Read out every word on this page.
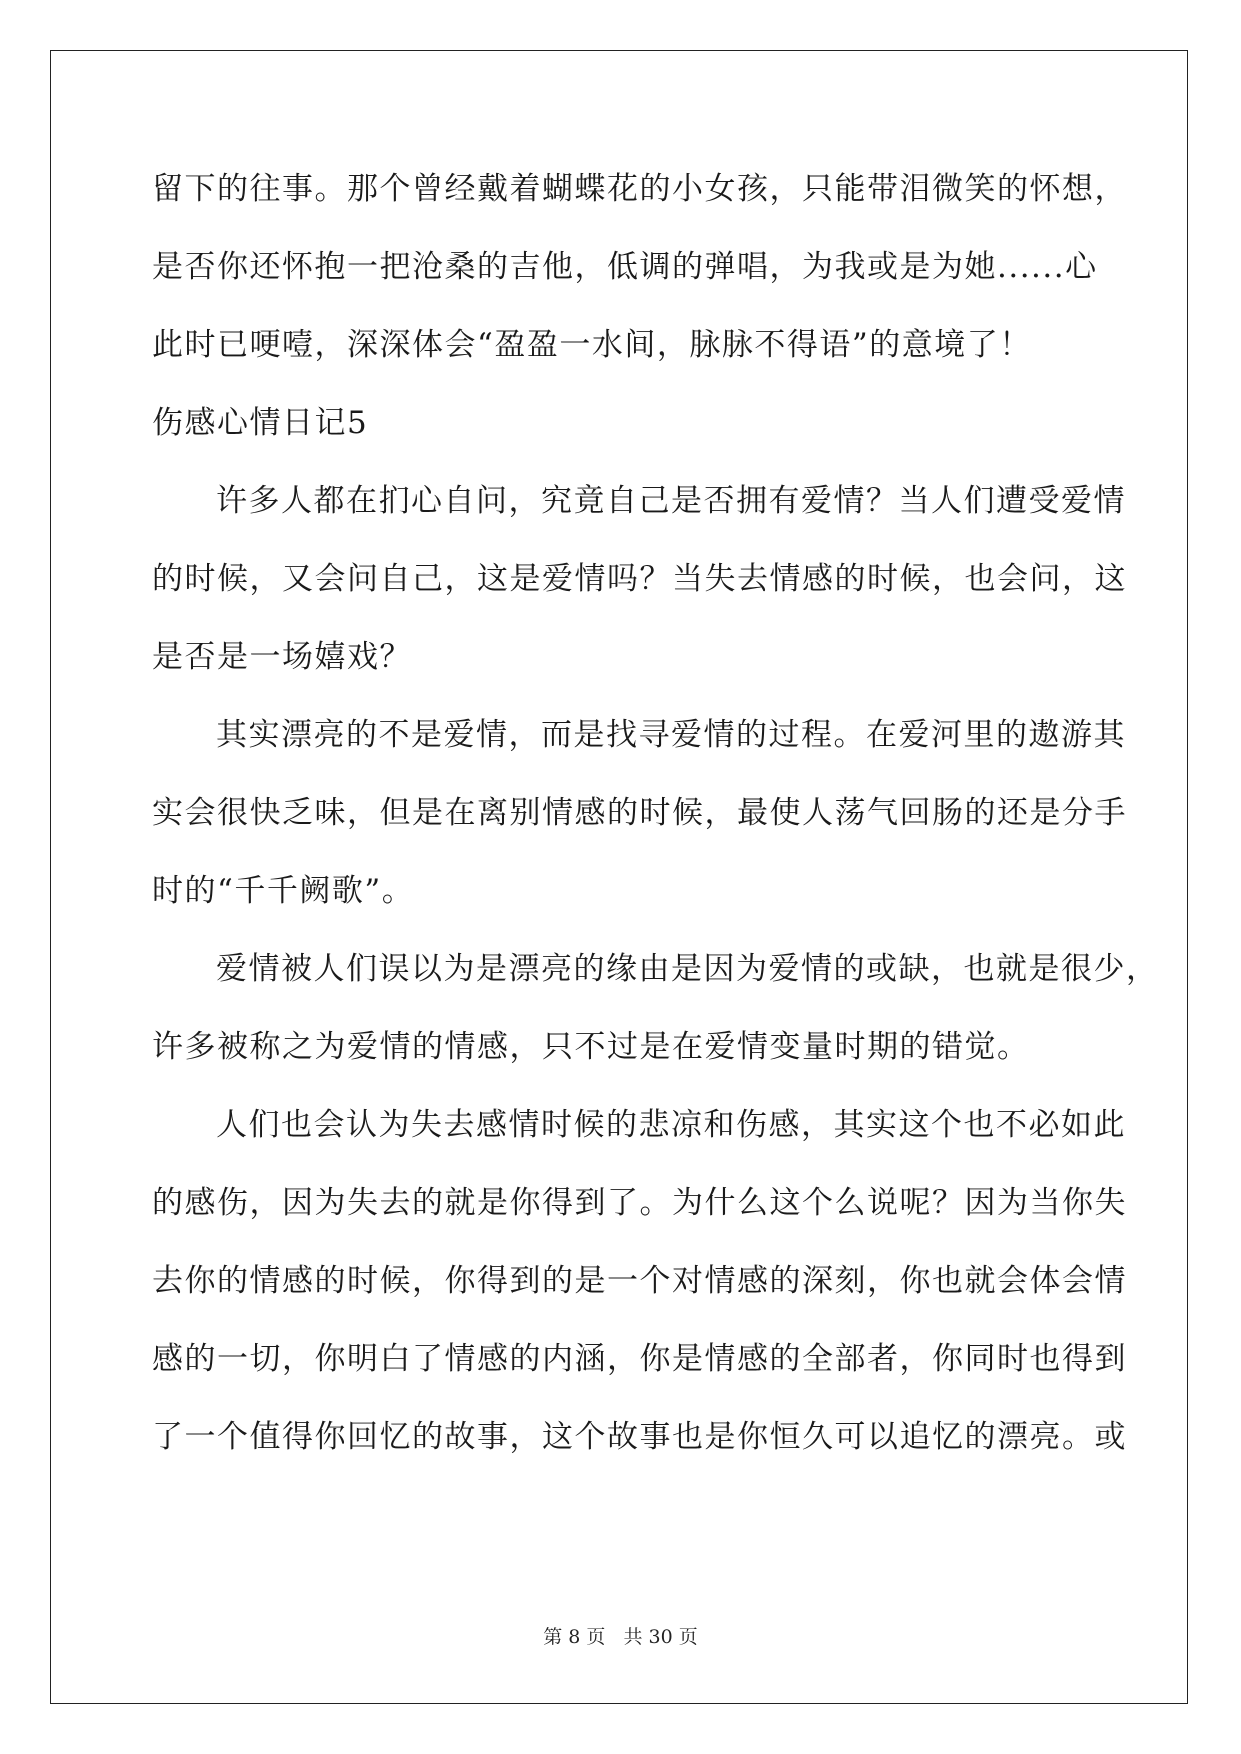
留下的往事。那个曾经戴着蝴蝶花的小女孩，只能带泪微笑的怀想，
是否你还怀抱一把沧桑的吉他，低调的弹唱，为我或是为她......心
此时已哽噎，深深体会“盈盈一水间，脉脉不得语”的意境了！
伤感心情日记5
许多人都在扪心自问，究竟自己是否拥有爱情？当人们遭受爱情
的时候，又会问自己，这是爱情吗？当失去情感的时候，也会问，这
是否是一场嬉戏？
其实漂亮的不是爱情，而是找寻爱情的过程。在爱河里的遨游其
实会很快乏味，但是在离别情感的时候，最使人荡气回肠的还是分手
时的“千千阙歌”。
爱情被人们误以为是漂亮的缘由是因为爱情的或缺，也就是很少，
许多被称之为爱情的情感，只不过是在爱情变量时期的错觉。
人们也会认为失去感情时候的悲凉和伤感，其实这个也不必如此
的感伤，因为失去的就是你得到了。为什么这个么说呢？因为当你失
去你的情感的时候，你得到的是一个对情感的深刻，你也就会体会情
感的一切，你明白了情感的内涵，你是情感的全部者，你同时也得到
了一个值得你回忆的故事，这个故事也是你恒久可以追忆的漂亮。或
第 8 页 共 30 页
